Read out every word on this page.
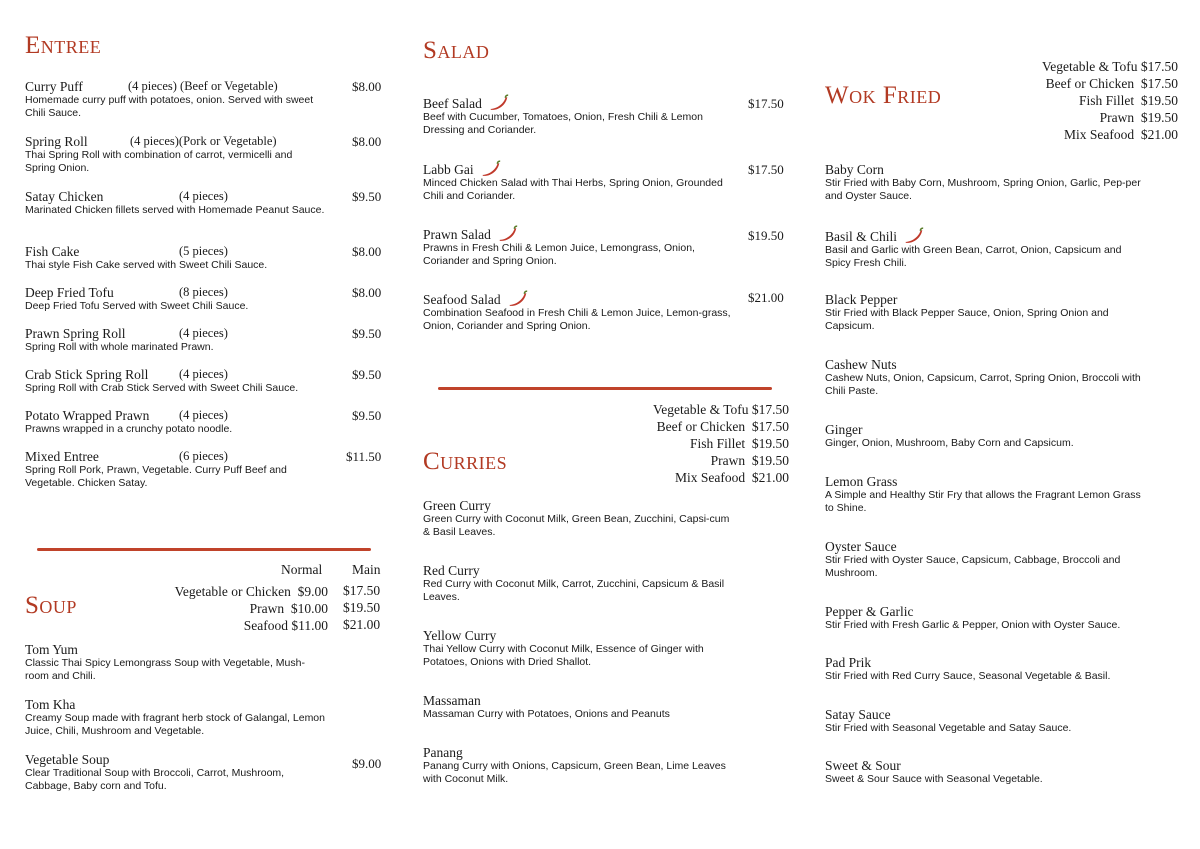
Entree
Curry Puff
Homemade curry puff with potatoes, onion. Served with sweet Chili Sauce.
(4 pieces) (Beef or Vegetable)	$8.00
Spring Roll
Thai Spring Roll with combination of carrot, vermicelli and Spring Onion.
(4 pieces)(Pork or Vegetable)	$8.00
Satay Chicken
Marinated Chicken fillets served with Homemade Peanut Sauce.
(4 pieces)	$9.50
Fish Cake
Thai style Fish Cake served with Sweet Chili Sauce.
(5 pieces)	$8.00
Deep Fried Tofu
Deep Fried Tofu Served with Sweet Chili Sauce.
(8 pieces)	$8.00
Prawn Spring Roll
Spring Roll with whole marinated Prawn.
(4 pieces)	$9.50
Crab Stick Spring Roll
Spring Roll with Crab Stick Served with Sweet Chili Sauce.
(4 pieces)	$9.50
Potato Wrapped Prawn
Prawns wrapped in a crunchy potato noodle.
(4 pieces)	$9.50
Mixed Entree
Spring Roll Pork, Prawn, Vegetable. Curry Puff Beef and Vegetable. Chicken Satay.
(6 pieces)	$11.50
Normal Main
Vegetable or Chicken $9.00 $17.50
Prawn $10.00 $19.50
Seafood $11.00 $21.00
Soup
Tom Yum
Classic Thai Spicy Lemongrass Soup with Vegetable, Mush-room and Chili.
Tom Kha
Creamy Soup made with fragrant herb stock of Galangal, Lemon Juice, Chili, Mushroom and Vegetable.
Vegetable Soup
Clear Traditional Soup with Broccoli, Carrot, Mushroom, Cabbage, Baby corn and Tofu.
$9.00
Salad
Beef Salad
Beef with Cucumber, Tomatoes, Onion, Fresh Chili & Lemon Dressing and Coriander.
$17.50
Labb Gai
Minced Chicken Salad with Thai Herbs, Spring Onion, Grounded Chili and Coriander.
$17.50
Prawn Salad
Prawns in Fresh Chili & Lemon Juice, Lemongrass, Onion, Coriander and Spring Onion.
$19.50
Seafood Salad
Combination Seafood in Fresh Chili & Lemon Juice, Lemon-grass, Onion, Coriander and Spring Onion.
$21.00
Vegetable & Tofu $17.50
Beef or Chicken $17.50
Fish Fillet $19.50
Prawn $19.50
Mix Seafood $21.00
Curries
Green Curry
Green Curry with Coconut Milk, Green Bean, Zucchini, Capsi-cum & Basil Leaves.
Red Curry
Red Curry with Coconut Milk, Carrot, Zucchini, Capsicum & Basil Leaves.
Yellow Curry
Thai Yellow Curry with Coconut Milk, Essence of Ginger with Potatoes, Onions with Dried Shallot.
Massaman
Massaman Curry with Potatoes, Onions and Peanuts
Panang
Panang Curry with Onions, Capsicum, Green Bean, Lime Leaves with Coconut Milk.
Vegetable & Tofu $17.50
Beef or Chicken $17.50
Fish Fillet $19.50
Prawn $19.50
Mix Seafood $21.00
Wok Fried
Baby Corn
Stir Fried with Baby Corn, Mushroom, Spring Onion, Garlic, Pep-per and Oyster Sauce.
Basil & Chili
Basil and Garlic with Green Bean, Carrot, Onion, Capsicum and Spicy Fresh Chili.
Black Pepper
Stir Fried with Black Pepper Sauce, Onion, Spring Onion and Capsicum.
Cashew Nuts
Cashew Nuts, Onion, Capsicum, Carrot, Spring Onion, Broccoli with Chili Paste.
Ginger
Ginger, Onion, Mushroom, Baby Corn and Capsicum.
Lemon Grass
A Simple and Healthy Stir Fry that allows the Fragrant Lemon Grass to Shine.
Oyster Sauce
Stir Fried with Oyster Sauce, Capsicum, Cabbage, Broccoli and Mushroom.
Pepper & Garlic
Stir Fried with Fresh Garlic & Pepper, Onion with Oyster Sauce.
Pad Prik
Stir Fried with Red Curry Sauce, Seasonal Vegetable & Basil.
Satay Sauce
Stir Fried with Seasonal Vegetable and Satay Sauce.
Sweet & Sour
Sweet & Sour Sauce with Seasonal Vegetable.
